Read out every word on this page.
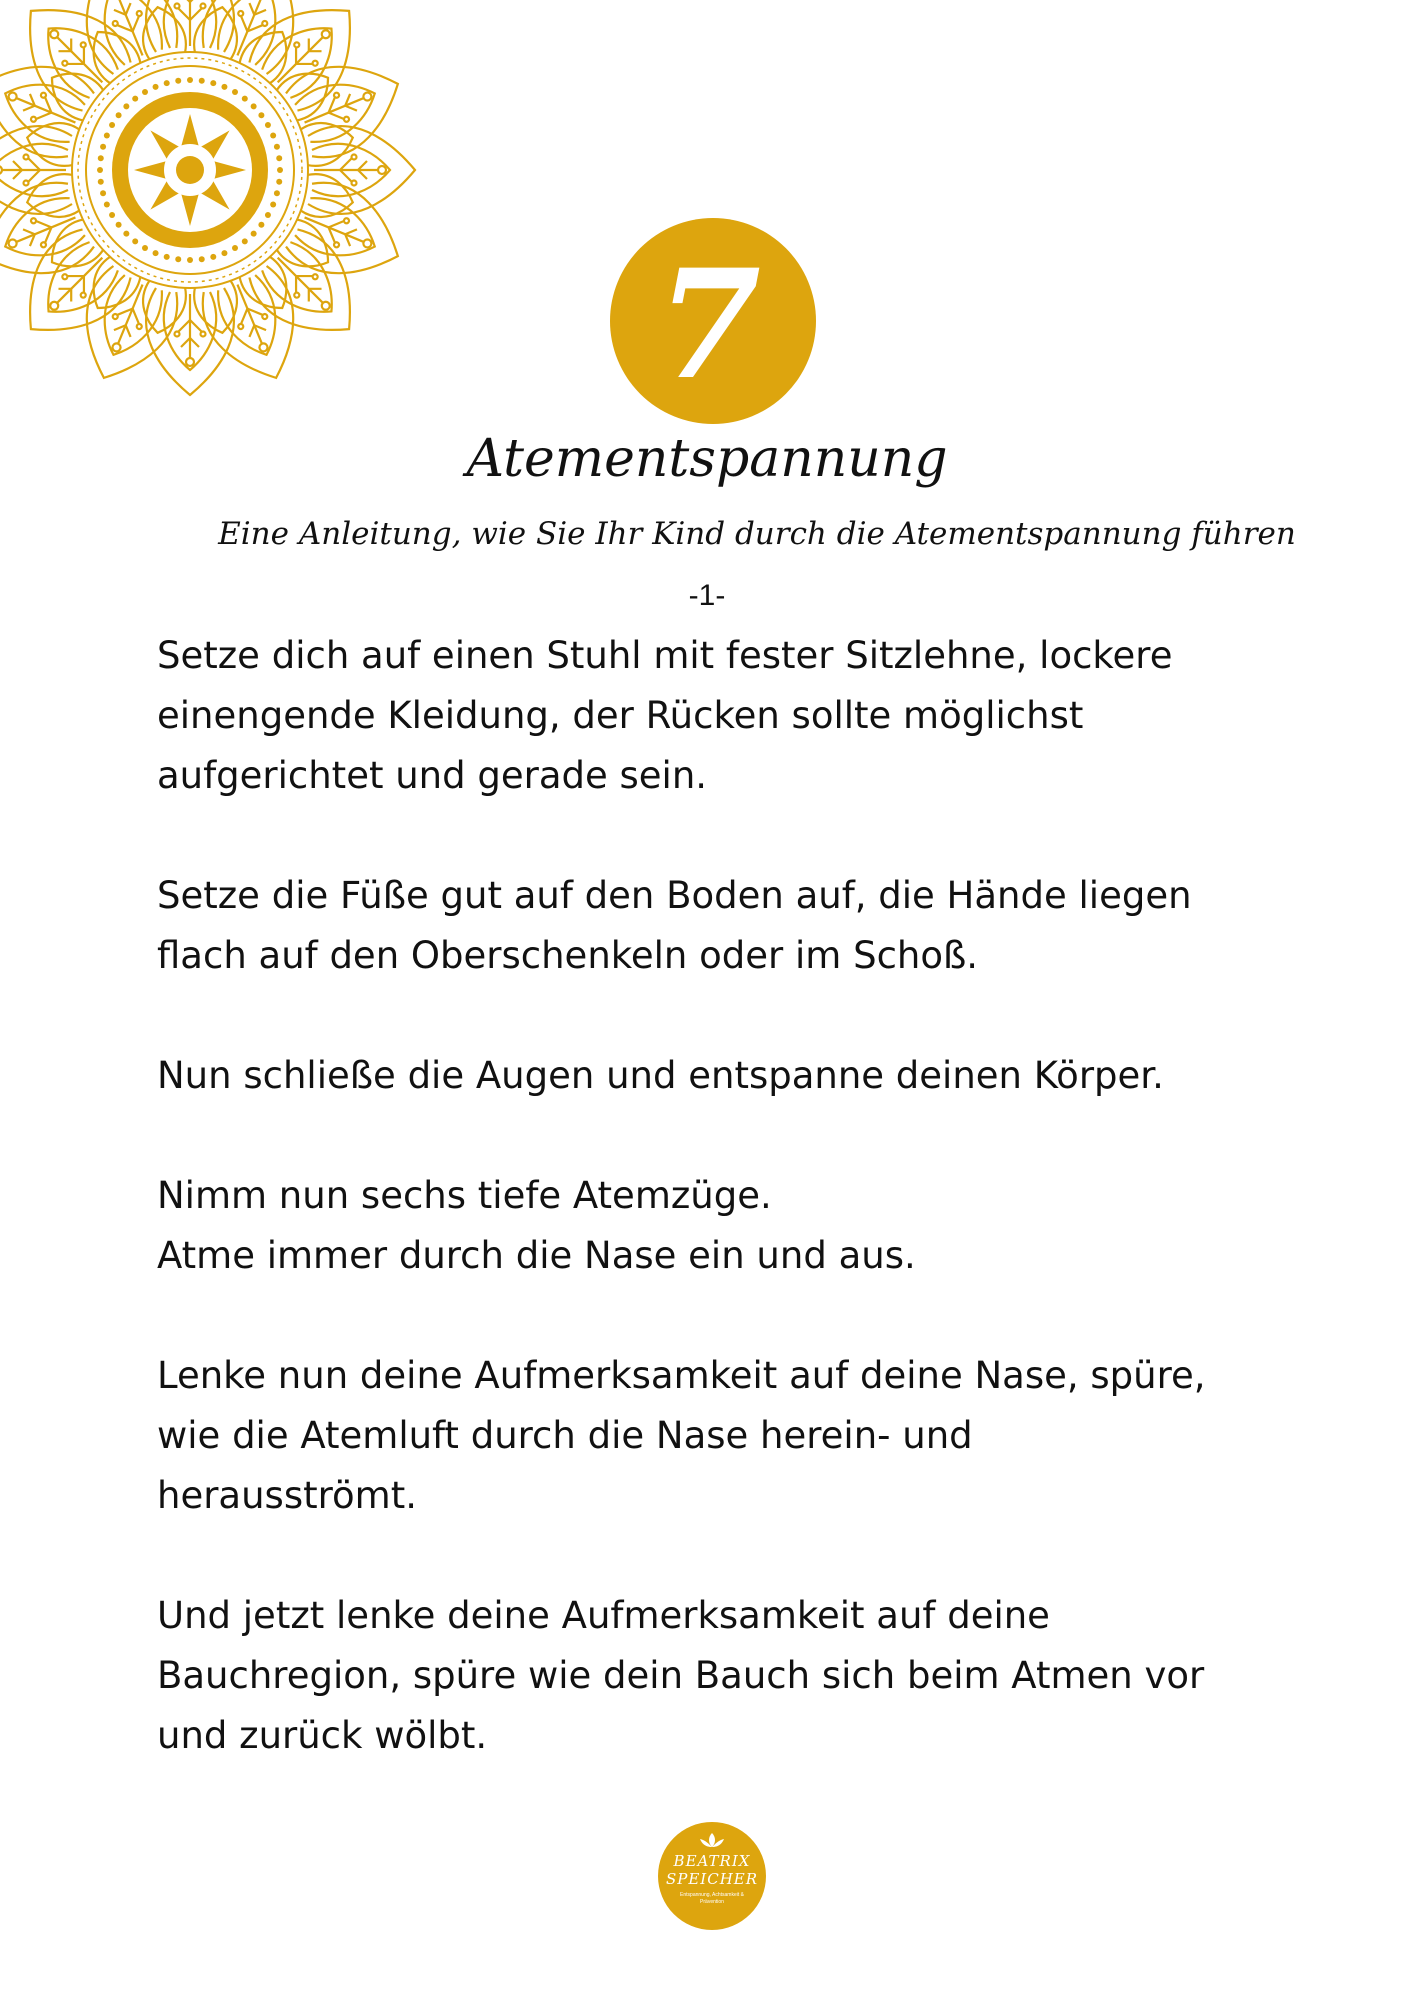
7
Atementspannung

Eine Anleitung, wie Sie Ihr Kind durch die Atementspannung führen

-1-

Setze dich auf einen Stuhl mit fester Sitzlehne, lockere
einengende Kleidung, der Rücken sollte möglichst
aufgerichtet und gerade sein.

Setze die Füße gut auf den Boden auf, die Hände liegen
flach auf den Oberschenkeln oder im Schoß.

Nun schließe die Augen und entspanne deinen Körper.

Nimm nun sechs tiefe Atemzüge.
Atme immer durch die Nase ein und aus.

Lenke nun deine Aufmerksamkeit auf deine Nase, spüre,
wie die Atemluft durch die Nase herein- und
herausströmt.

Und jetzt lenke deine Aufmerksamkeit auf deine
Bauchregion, spüre wie dein Bauch sich beim Atmen vor
und zurück wölbt.

BEATRIX
SPEICHER
Entspannung, Achtsamkeit & Prävention
